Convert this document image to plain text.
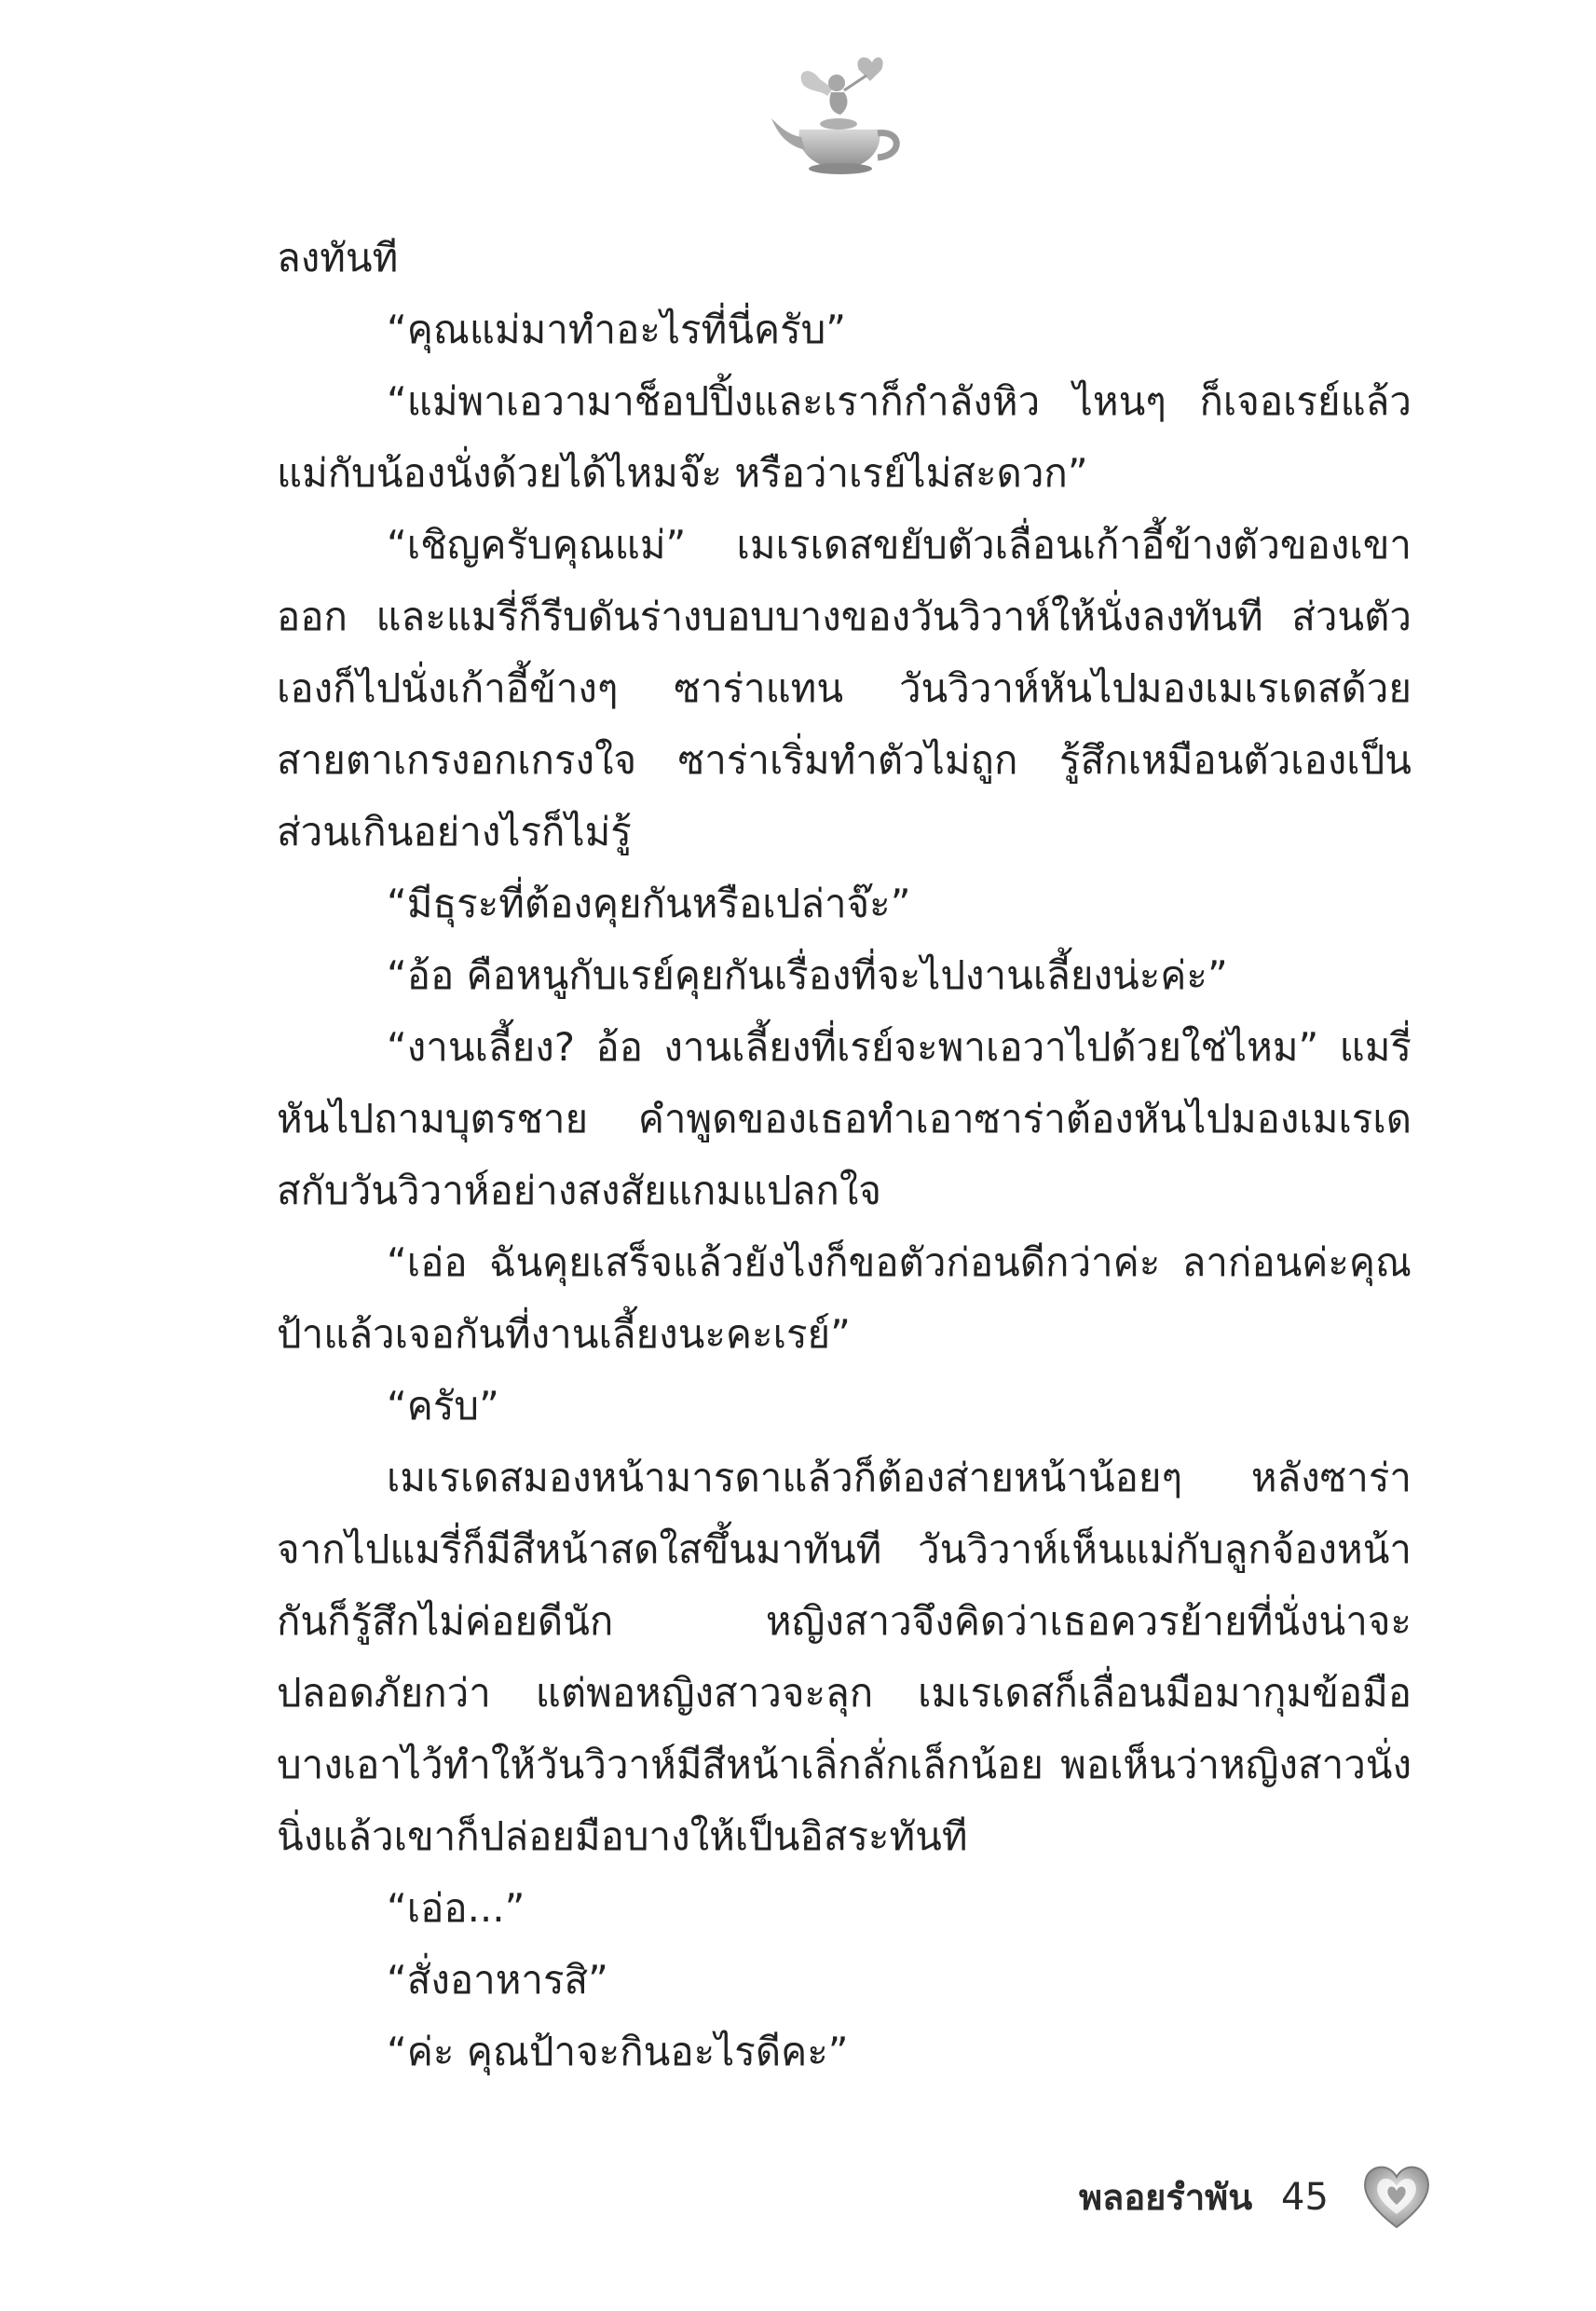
ลงทันที

“คุณแม่มาทำอะไรที่นี่ครับ”

“แม่พาเอวามาช็อปปิ้งและเราก็กำลังหิว ไหนๆ ก็เจอเรย์แล้ว แม่กับน้องนั่งด้วยได้ไหมจ๊ะ หรือว่าเรย์ไม่สะดวก”

“เชิญครับคุณแม่” เมเรเดสขยับตัวเลื่อนเก้าอี้ข้างตัวของเขาออก และแมรี่ก็รีบดันร่างบอบบางของวันวิวาห์ให้นั่งลงทันที ส่วนตัวเองก็ไปนั่งเก้าอี้ข้างๆ ซาร่าแทน วันวิวาห์หันไปมองเมเรเดสด้วยสายตาเกรงอกเกรงใจ ซาร่าเริ่มทำตัวไม่ถูก รู้สึกเหมือนตัวเองเป็นส่วนเกินอย่างไรก็ไม่รู้

“มีธุระที่ต้องคุยกันหรือเปล่าจ๊ะ”

“อ้อ คือหนูกับเรย์คุยกันเรื่องที่จะไปงานเลี้ยงน่ะค่ะ”

“งานเลี้ยง? อ้อ งานเลี้ยงที่เรย์จะพาเอวาไปด้วยใช่ไหม” แมรี่หันไปถามบุตรชาย คำพูดของเธอทำเอาซาร่าต้องหันไปมองเมเรเดสกับวันวิวาห์อย่างสงสัยแกมแปลกใจ

“เอ่อ ฉันคุยเสร็จแล้วยังไงก็ขอตัวก่อนดีกว่าค่ะ ลาก่อนค่ะคุณป้าแล้วเจอกันที่งานเลี้ยงนะคะเรย์”

“ครับ”

เมเรเดสมองหน้ามารดาแล้วก็ต้องส่ายหน้าน้อยๆ หลังซาร่าจากไปแมรี่ก็มีสีหน้าสดใสขึ้นมาทันที วันวิวาห์เห็นแม่กับลูกจ้องหน้ากันก็รู้สึกไม่ค่อยดีนัก หญิงสาวจึงคิดว่าเธอควรย้ายที่นั่งน่าจะปลอดภัยกว่า แต่พอหญิงสาวจะลุก เมเรเดสก็เลื่อนมือมากุมข้อมือบางเอาไว้ทำให้วันวิวาห์มีสีหน้าเลิ่กลั่กเล็กน้อย พอเห็นว่าหญิงสาวนั่งนิ่งแล้วเขาก็ปล่อยมือบางให้เป็นอิสระทันที

“เอ่อ...”

“สั่งอาหารสิ”

“ค่ะ คุณป้าจะกินอะไรดีคะ”

พลอยรำพัน 45
